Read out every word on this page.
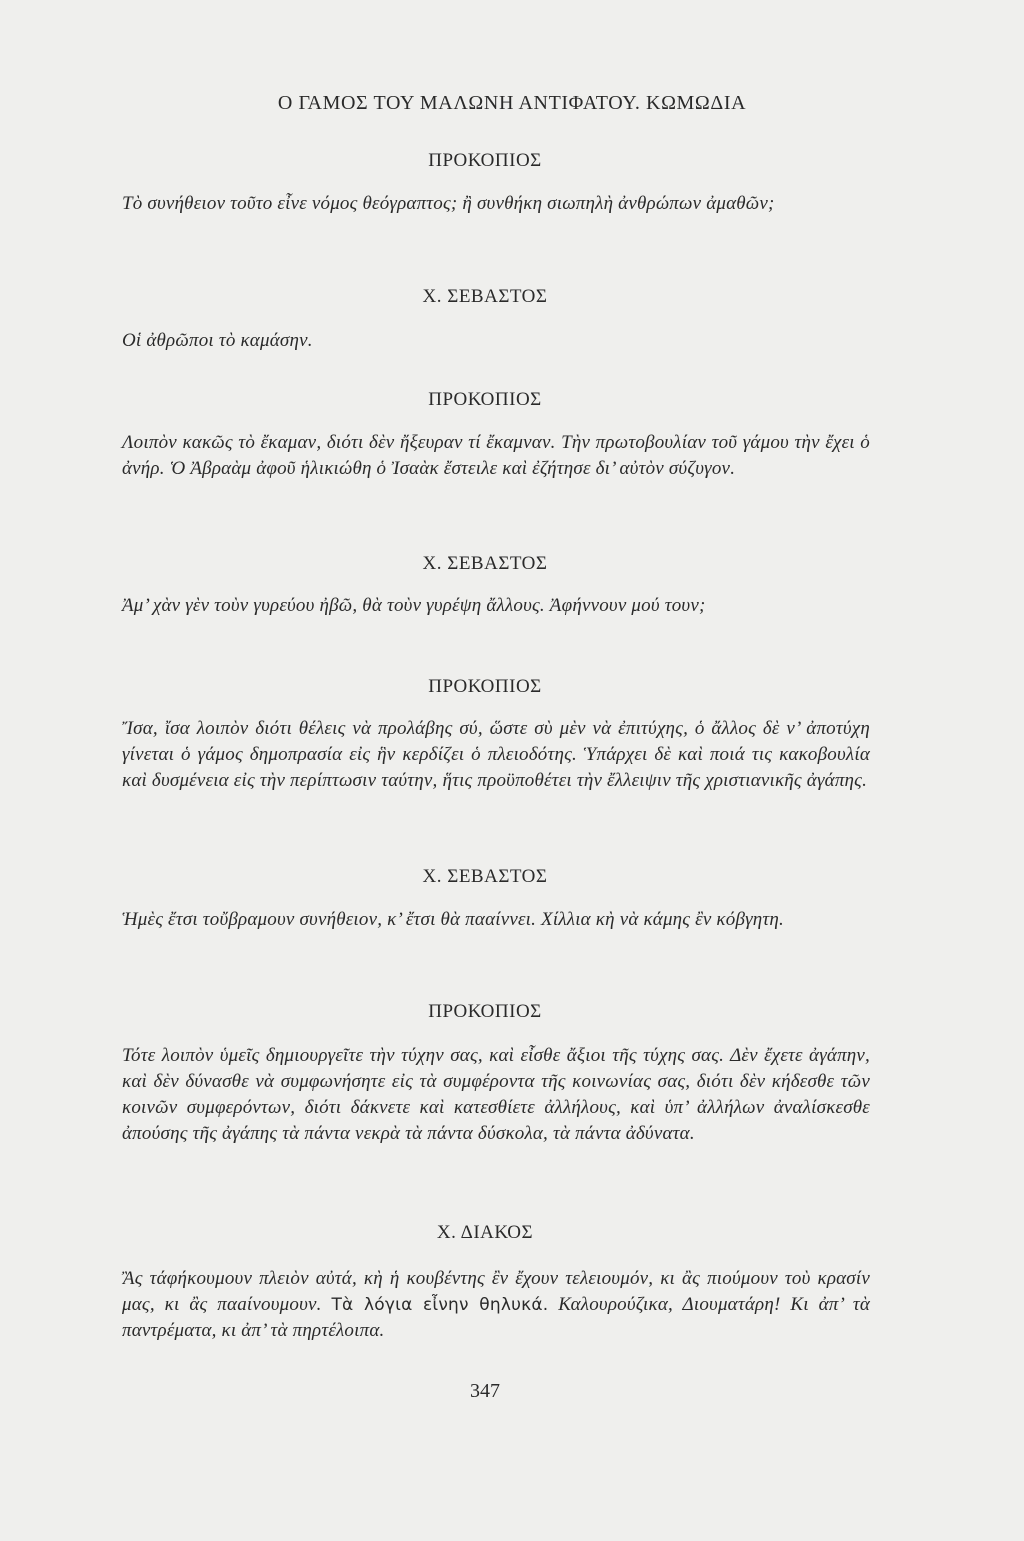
Ο ΓΑΜΟΣ ΤΟΥ ΜΑΛΩΝΗ ΑΝΤΙΦΑΤΟΥ. ΚΩΜΩΔΙΑ
ΠΡΟΚΟΠΙΟΣ
Τὸ συνήθειον τοῦτο εἶνε νόμος θεόγραπτος; ἢ συνθήκη σιωπηλὴ ἀνθρώπων ἀμαθῶν;
Χ. ΣΕΒΑΣΤΟΣ
Οἱ ἀθρῶποι τὸ καμάσην.
ΠΡΟΚΟΠΙΟΣ
Λοιπὸν κακῶς τὸ ἔκαμαν, διότι δὲν ἤξευραν τί ἔκαμναν. Τὴν πρωτοβουλίαν τοῦ γάμου τὴν ἔχει ὁ ἀνήρ. Ὁ Ἀβραὰμ ἀφοῦ ἡλικιώθη ὁ Ἰσαὰκ ἔστειλε καὶ ἐζήτησε δι’ αὐτὸν σύζυγον.
Χ. ΣΕΒΑΣΤΟΣ
Ἀμ’ χὰν γὲν τοὺν γυρεύου ἠβῶ, θὰ τοὺν γυρέψη ἄλλους. Ἀφήννουν μού τουν;
ΠΡΟΚΟΠΙΟΣ
Ἴσα, ἴσα λοιπὸν διότι θέλεις νὰ προλάβης σύ, ὥστε σὺ μὲν νὰ ἐπιτύχης, ὁ ἄλλος δὲ ν’ ἀποτύχη γίνεται ὁ γάμος δημοπρασία εἰς ἣν κερδίζει ὁ πλειοδότης. Ὑπάρχει δὲ καὶ ποιά τις κακοβουλία καὶ δυσμένεια εἰς τὴν περίπτωσιν ταύτην, ἥτις προϋποθέτει τὴν ἔλλειψιν τῆς χριστιανικῆς ἀγάπης.
Χ. ΣΕΒΑΣΤΟΣ
Ἡμὲς ἔτσι τοὔβραμουν συνήθειον, κ’ ἔτσι θὰ πααίννει. Χίλλια κὴ νὰ κάμης ἒν κόβγητη.
ΠΡΟΚΟΠΙΟΣ
Τότε λοιπὸν ὑμεῖς δημιουργεῖτε τὴν τύχην σας, καὶ εἶσθε ἄξιοι τῆς τύχης σας. Δὲν ἔχετε ἀγάπην, καὶ δὲν δύνασθε νὰ συμφωνήσητε εἰς τὰ συμφέροντα τῆς κοινωνίας σας, διότι δὲν κήδεσθε τῶν κοινῶν συμφερόντων, διότι δάκνετε καὶ κατεσθίετε ἀλλήλους, καὶ ὑπ’ ἀλλήλων ἀναλίσκεσθε ἀπούσης τῆς ἀγάπης τὰ πάντα νεκρὰ τὰ πάντα δύσκολα, τὰ πάντα ἀδύνατα.
Χ. ΔΙΑΚΟΣ
Ἂς τάφήκουμουν πλειὸν αὐτά, κὴ ἡ κουβέντης ἒν ἔχουν τελειουμόν, κι ἂς πιούμουν τοὺ κρασίν μας, κι ἂς παaίνουμουν. Τὰ λόγια εἶνην θηλυκά. Καλουρούζικα, Διουματάρη! Κι ἀπ’ τὰ παντρέματα, κι ἀπ’ τὰ πηρτέλοιπα.
347
